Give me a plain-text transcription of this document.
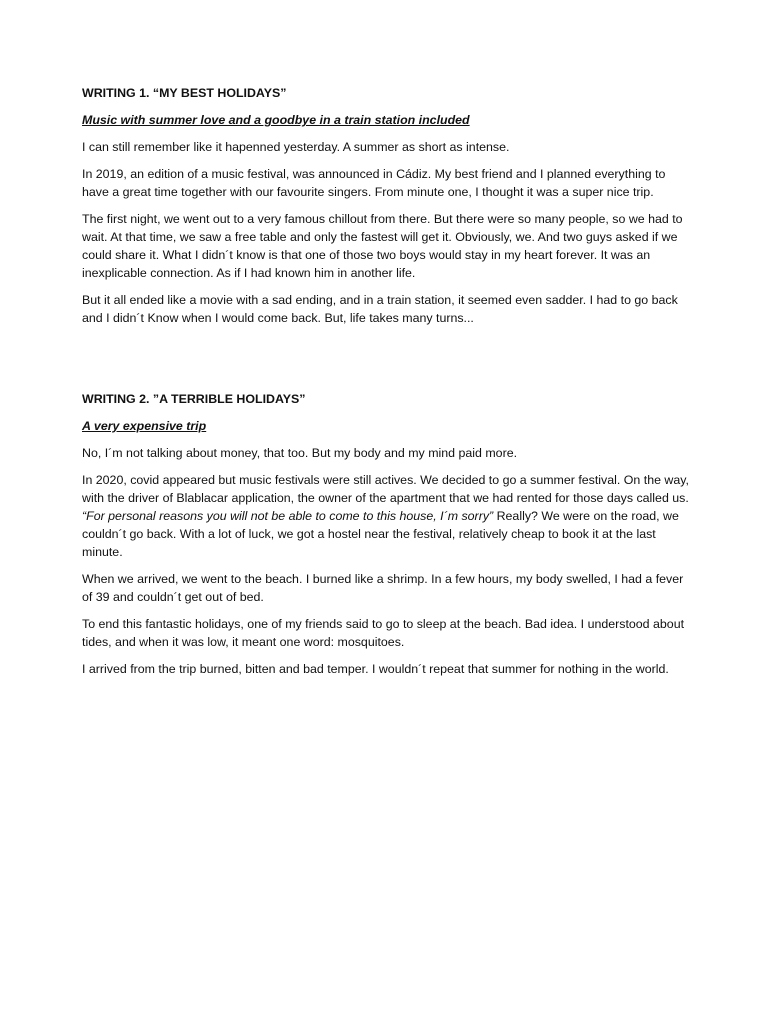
WRITING 1. “MY BEST HOLIDAYS”
Music with summer love and a goodbye in a train station included

I can still remember like it hapenned yesterday. A summer as short as intense.

In 2019, an edition of a music festival, was announced in Cádiz. My best friend and I planned everything to have a great time together with our favourite singers. From minute one, I thought it was a super nice trip.

The first night, we went out to a very famous chillout from there. But there were so many people, so we had to wait. At that time, we saw a free table and only the fastest will get it. Obviously, we. And two guys asked if we could share it. What I didn´t know is that one of those two boys would stay in my heart forever. It was an inexplicable connection. As if I had known him in another life.

But it all ended like a movie with a sad ending, and in a train station, it seemed even sadder. I had to go back and I didn´t Know when I would come back. But, life takes many turns...

WRITING 2. ”A TERRIBLE HOLIDAYS”
A very expensive trip

No, I´m not talking about money, that too. But my body and my mind paid more.

In 2020, covid appeared but music festivals were still actives. We decided to go a summer festival. On the way, with the driver of Blablacar application, the owner of the apartment that we had rented for those days called us. “For personal reasons you will not be able to come to this house, I´m sorry” Really? We were on the road, we couldn´t go back. With a lot of luck, we got a hostel near the festival, relatively cheap to book it at the last minute.

When we arrived, we went to the beach. I burned like a shrimp. In a few hours, my body swelled, I had a fever of 39 and couldn´t get out of bed.

To end this fantastic holidays, one of my friends said to go to sleep at the beach. Bad idea. I understood about tides, and when it was low, it meant one word: mosquitoes.

I arrived from the trip burned, bitten and bad temper. I wouldn´t repeat that summer for nothing in the world.
